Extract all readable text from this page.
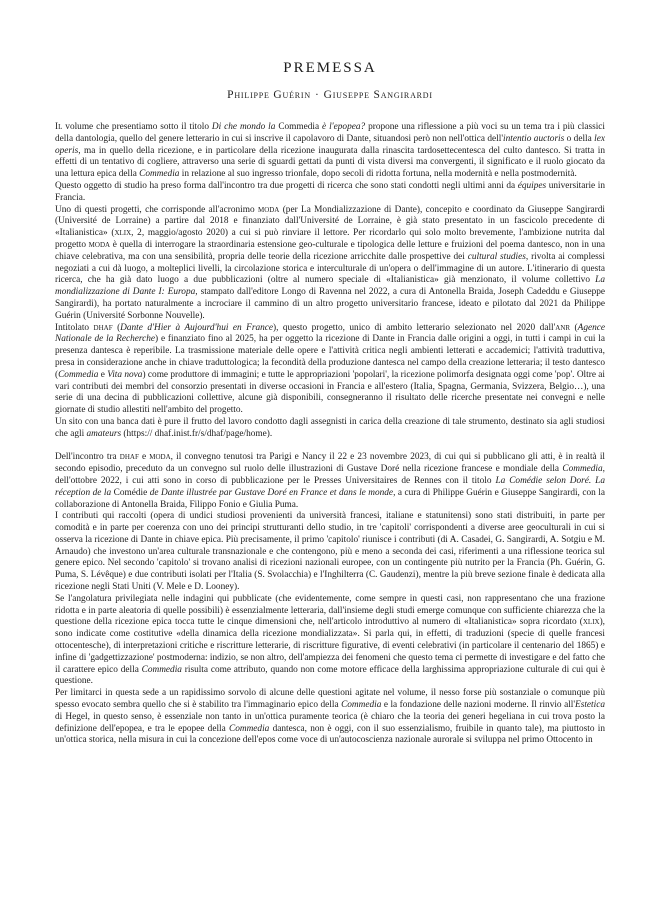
PREMESSA
Philippe Guérin · Giuseppe Sangirardi

Il volume che presentiamo sotto il titolo Di che mondo la Commedia è l'epopea? propone una riflessione a più voci su un tema tra i più classici della dantologia, quello del genere letterario in cui si inscrive il capolavoro di Dante, situandosi però non nell'ottica dell'intentio auctoris o della lex operis, ma in quello della ricezione, e in particolare della ricezione inaugurata dalla rinascita tardosettecentesca del culto dantesco. Si tratta in effetti di un tentativo di cogliere, attraverso una serie di sguardi gettati da punti di vista diversi ma convergenti, il significato e il ruolo giocato da una lettura epica della Commedia in relazione al suo ingresso trionfale, dopo secoli di ridotta fortuna, nella modernità e nella postmodernità.

Questo oggetto di studio ha preso forma dall'incontro tra due progetti di ricerca che sono stati condotti negli ultimi anni da équipes universitarie in Francia.

Uno di questi progetti, che corrisponde all'acronimo moda (per La Mondializzazione di Dante), concepito e coordinato da Giuseppe Sangirardi (Université de Lorraine) a partire dal 2018 e finanziato dall'Université de Lorraine, è già stato presentato in un fascicolo precedente di «Italianistica» (xlix, 2, maggio/agosto 2020) a cui si può rinviare il lettore. Per ricordarlo qui solo molto brevemente, l'ambizione nutrita dal progetto moda è quella di interrogare la straordinaria estensione geo-culturale e tipologica delle letture e fruizioni del poema dantesco, non in una chiave celebrativa, ma con una sensibilità, propria delle teorie della ricezione arricchite dalle prospettive dei cultural studies, rivolta ai complessi negoziati a cui dà luogo, a molteplici livelli, la circolazione storica e interculturale di un'opera o dell'immagine di un autore. L'itinerario di questa ricerca, che ha già dato luogo a due pubblicazioni (oltre al numero speciale di «Italianistica» già menzionato, il volume collettivo La mondializzazione di Dante I: Europa, stampato dall'editore Longo di Ravenna nel 2022, a cura di Antonella Braida, Joseph Cadeddu e Giuseppe Sangirardi), ha portato naturalmente a incrociare il cammino di un altro progetto universitario francese, ideato e pilotato dal 2021 da Philippe Guérin (Université Sorbonne Nouvelle).

Intitolato dhaf (Dante d'Hier à Aujourd'hui en France), questo progetto, unico di ambito letterario selezionato nel 2020 dall'anr (Agence Nationale de la Recherche) e finanziato fino al 2025, ha per oggetto la ricezione di Dante in Francia dalle origini a oggi, in tutti i campi in cui la presenza dantesca è reperibile. La trasmissione materiale delle opere e l'attività critica negli ambienti letterati e accademici; l'attività traduttiva, presa in considerazione anche in chiave traduttologica; la fecondità della produzione dantesca nel campo della creazione letteraria; il testo dantesco (Commedia e Vita nova) come produttore di immagini; e tutte le appropriazioni 'popolari', la ricezione polimorfa designata oggi come 'pop'. Oltre ai vari contributi dei membri del consorzio presentati in diverse occasioni in Francia e all'estero (Italia, Spagna, Germania, Svizzera, Belgio…), una serie di una decina di pubblicazioni collettive, alcune già disponibili, consegneranno il risultato delle ricerche presentate nei convegni e nelle giornate di studio allestiti nell'ambito del progetto.

Un sito con una banca dati è pure il frutto del lavoro condotto dagli assegnisti in carica della creazione di tale strumento, destinato sia agli studiosi che agli amateurs (https:// dhaf.inist.fr/s/dhaf/page/home).

Dell'incontro tra dhaf e moda, il convegno tenutosi tra Parigi e Nancy il 22 e 23 novembre 2023, di cui qui si pubblicano gli atti, è in realtà il secondo episodio, preceduto da un convegno sul ruolo delle illustrazioni di Gustave Doré nella ricezione francese e mondiale della Commedia, dell'ottobre 2022, i cui atti sono in corso di pubblicazione per le Presses Universitaires de Rennes con il titolo La Comédie selon Doré. La réception de la Comédie de Dante illustrée par Gustave Doré en France et dans le monde, a cura di Philippe Guérin e Giuseppe Sangirardi, con la collaborazione di Antonella Braida, Filippo Fonio e Giulia Puma.

I contributi qui raccolti (opera di undici studiosi provenienti da università francesi, italiane e statunitensi) sono stati distribuiti, in parte per comodità e in parte per coerenza con uno dei principi strutturanti dello studio, in tre 'capitoli' corrispondenti a diverse aree geoculturali in cui si osserva la ricezione di Dante in chiave epica. Più precisamente, il primo 'capitolo' riunisce i contributi (di A. Casadei, G. Sangirardi, A. Sotgiu e M. Arnaudo) che investono un'area culturale transnazionale e che contengono, più e meno a seconda dei casi, riferimenti a una riflessione teorica sul genere epico. Nel secondo 'capitolo' si trovano analisi di ricezioni nazionali europee, con un contingente più nutrito per la Francia (Ph. Guérin, G. Puma, S. Lévêque) e due contributi isolati per l'Italia (S. Svolacchia) e l'Inghilterra (C. Gaudenzi), mentre la più breve sezione finale è dedicata alla ricezione negli Stati Uniti (V. Mele e D. Looney).

Se l'angolatura privilegiata nelle indagini qui pubblicate (che evidentemente, come sempre in questi casi, non rappresentano che una frazione ridotta e in parte aleatoria di quelle possibili) è essenzialmente letteraria, dall'insieme degli studi emerge comunque con sufficiente chiarezza che la questione della ricezione epica tocca tutte le cinque dimensioni che, nell'articolo introduttivo al numero di «Italianistica» sopra ricordato (xlix), sono indicate come costitutive «della dinamica della ricezione mondializzata». Si parla qui, in effetti, di traduzioni (specie di quelle francesi ottocentesche), di interpretazioni critiche e riscritture letterarie, di riscritture figurative, di eventi celebrativi (in particolare il centenario del 1865) e infine di 'gadgettizzazione' postmoderna: indizio, se non altro, dell'ampiezza dei fenomeni che questo tema ci permette di investigare e del fatto che il carattere epico della Commedia risulta come attributo, quando non come motore efficace della larghissima appropriazione culturale di cui qui è questione.

Per limitarci in questa sede a un rapidissimo sorvolo di alcune delle questioni agitate nel volume, il nesso forse più sostanziale o comunque più spesso evocato sembra quello che si è stabilito tra l'immaginario epico della Commedia e la fondazione delle nazioni moderne. Il rinvio all'Estetica di Hegel, in questo senso, è essenziale non tanto in un'ottica puramente teorica (è chiaro che la teoria dei generi hegeliana in cui trova posto la definizione dell'epopea, e tra le epopee della Commedia dantesca, non è oggi, con il suo essenzialismo, fruibile in quanto tale), ma piuttosto in un'ottica storica, nella misura in cui la concezione dell'epos come voce di un'autocoscienza nazionale aurorale si sviluppa nel primo Ottocento in
